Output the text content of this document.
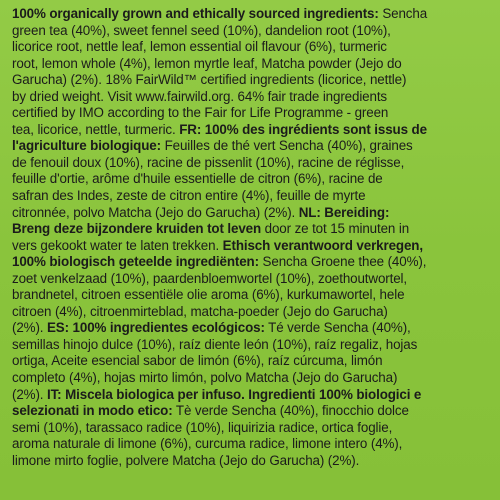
100% organically grown and ethically sourced ingredients: Sencha
green tea (40%), sweet fennel seed (10%), dandelion root (10%),
licorice root, nettle leaf, lemon essential oil flavour (6%), turmeric
root, lemon whole (4%), lemon myrtle leaf, Matcha powder (Jejo do
Garucha) (2%). 18% FairWild™ certified ingredients (licorice, nettle)
by dried weight. Visit www.fairwild.org. 64% fair trade ingredients
certified by IMO according to the Fair for Life Programme - green
tea, licorice, nettle, turmeric. FR: 100% des ingrédients sont issus de
l'agriculture biologique: Feuilles de thé vert Sencha (40%), graines
de fenouil doux (10%), racine de pissenlit (10%), racine de réglisse,
feuille d'ortie, arôme d'huile essentielle de citron (6%), racine de
safran des Indes, zeste de citron entire (4%), feuille de myrte
citronnée, polvo Matcha (Jejo do Garucha) (2%). NL: Bereiding:
Breng deze bijzondere kruiden tot leven door ze tot 15 minuten in
vers gekookt water te laten trekken. Ethisch verantwoord verkregen,
100% biologisch geteelde ingrediënten: Sencha Groene thee (40%),
zoet venkelzaad (10%), paardenbloemwortel (10%), zoethoutwortel,
brandnetel, citroen essentiële olie aroma (6%), kurkumawortel, hele
citroen (4%), citroenmirteblad, matcha-poeder (Jejo do Garucha)
(2%). ES: 100% ingredientes ecológicos: Té verde Sencha (40%),
semillas hinojo dulce (10%), raíz diente león (10%), raíz regaliz, hojas
ortiga, Aceite esencial sabor de limón (6%), raíz cúrcuma, limón
completo (4%), hojas mirto limón, polvo Matcha (Jejo do Garucha)
(2%). IT: Miscela biologica per infuso. Ingredienti 100% biologici e
selezionati in modo etico: Tè verde Sencha (40%), finocchio dolce
semi (10%), tarassaco radice (10%), liquirizia radice, ortica foglie,
aroma naturale di limone (6%), curcuma radice, limone intero (4%),
limone mirto foglie, polvere Matcha (Jejo do Garucha) (2%).
